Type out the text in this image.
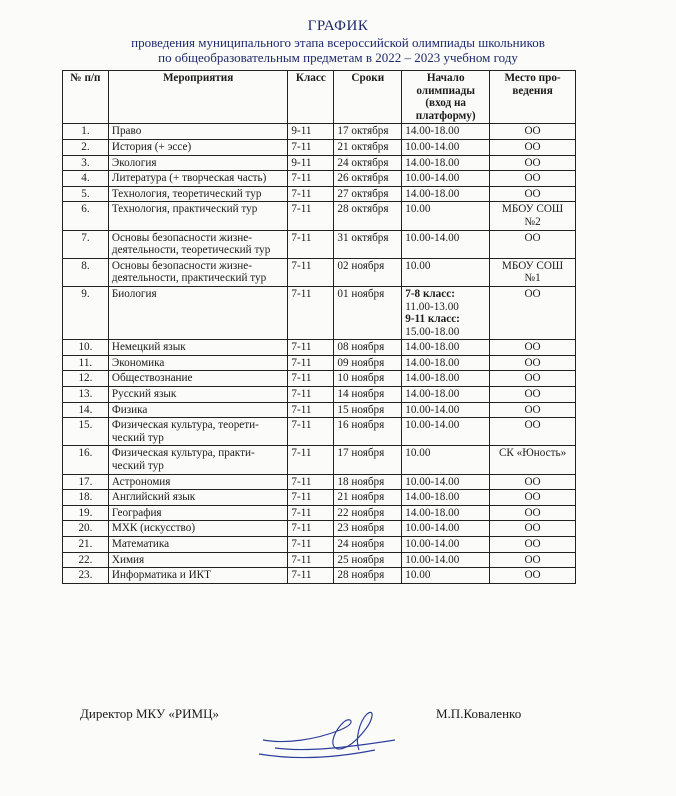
ГРАФИК
проведения муниципального этапа всероссийской олимпиады школьников
по общеобразовательным предметам в 2022 – 2023 учебном году
№ п/п	Мероприятия	Класс	Сроки	Начало олимпиады (вход на платформу)	Место про-ведения
1.	Право	9-11	17 октября	14.00-18.00	ОО
2.	История (+ эссе)	7-11	21 октября	10.00-14.00	ОО
3.	Экология	9-11	24 октября	14.00-18.00	ОО
4.	Литература (+ творческая часть)	7-11	26 октября	10.00-14.00	ОО
5.	Технология, теоретический тур	7-11	27 октября	14.00-18.00	ОО
6.	Технология, практический тур	7-11	28 октября	10.00	МБОУ СОШ №2
7.	Основы безопасности жизне-деятельности, теоретический тур	7-11	31 октября	10.00-14.00	ОО
8.	Основы безопасности жизне-деятельности, практический тур	7-11	02 ноября	10.00	МБОУ СОШ №1
9.	Биология	7-11	01 ноября	7-8 класс:
11.00-13.00
9-11 класс:
15.00-18.00	ОО
10.	Немецкий язык	7-11	08 ноября	14.00-18.00	ОО
11.	Экономика	7-11	09 ноября	14.00-18.00	ОО
12.	Обществознание	7-11	10 ноября	14.00-18.00	ОО
13.	Русский язык	7-11	14 ноября	14.00-18.00	ОО
14.	Физика	7-11	15 ноября	10.00-14.00	ОО
15.	Физическая культура, теорети-ческий тур	7-11	16 ноября	10.00-14.00	ОО
16.	Физическая культура, практи-ческий тур	7-11	17 ноября	10.00	СК «Юность»
17.	Астрономия	7-11	18 ноября	10.00-14.00	ОО
18.	Английский язык	7-11	21 ноября	14.00-18.00	ОО
19.	География	7-11	22 ноября	14.00-18.00	ОО
20.	МХК (искусство)	7-11	23 ноября	10.00-14.00	ОО
21.	Математика	7-11	24 ноября	10.00-14.00	ОО
22.	Химия	7-11	25 ноября	10.00-14.00	ОО
23.	Информатика и ИКТ	7-11	28 ноября	10.00	ОО
Директор МКУ «РИМЦ»	М.П.Коваленко
